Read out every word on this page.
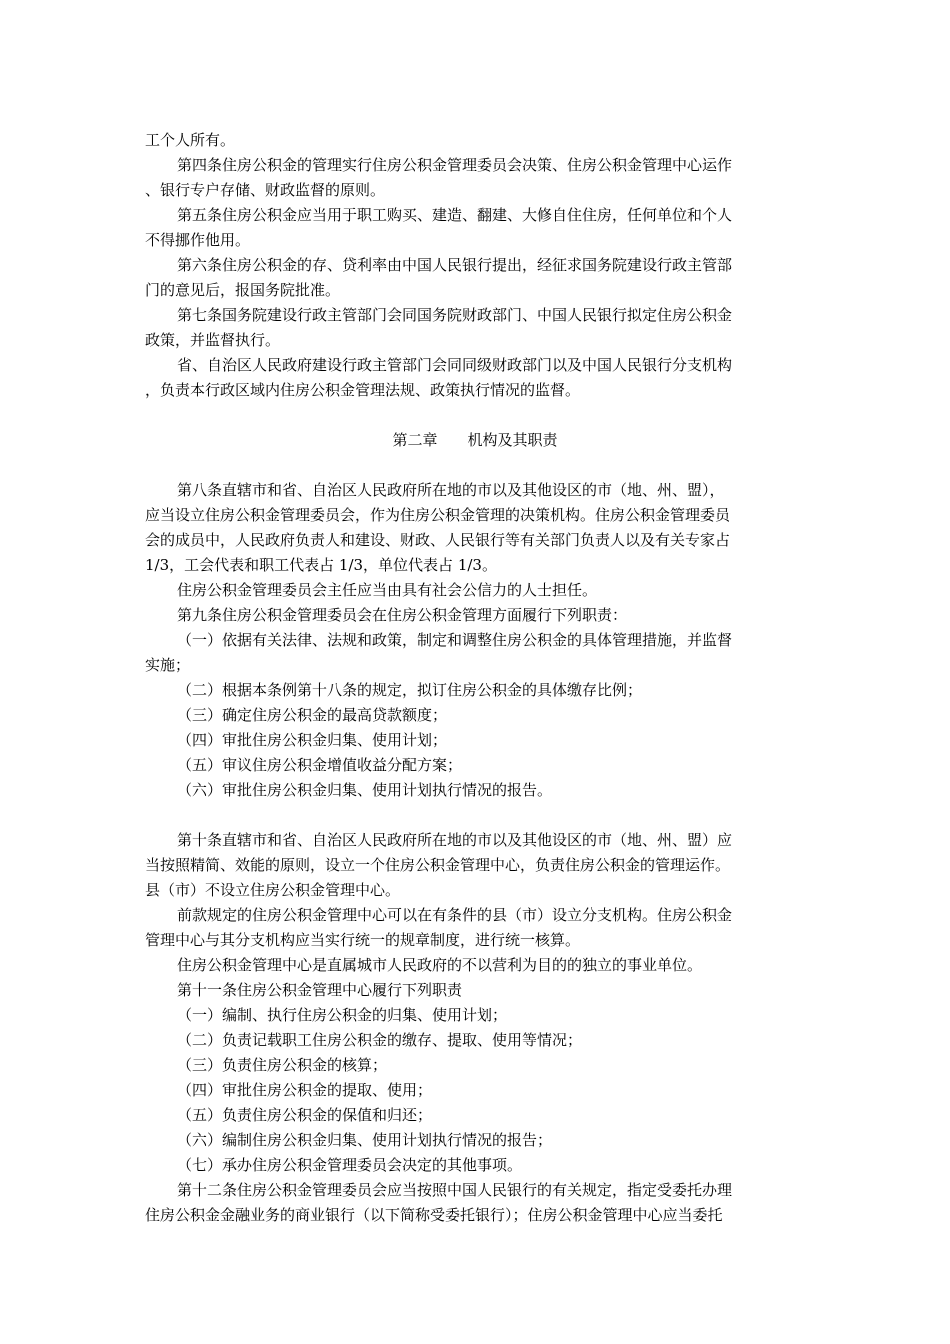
工个人所有。
第四条住房公积金的管理实行住房公积金管理委员会决策、住房公积金管理中心运作
、银行专户存储、财政监督的原则。
第五条住房公积金应当用于职工购买、建造、翻建、大修自住住房，任何单位和个人
不得挪作他用。
第六条住房公积金的存、贷利率由中国人民银行提出，经征求国务院建设行政主管部
门的意见后，报国务院批准。
第七条国务院建设行政主管部门会同国务院财政部门、中国人民银行拟定住房公积金
政策，并监督执行。
省、自治区人民政府建设行政主管部门会同同级财政部门以及中国人民银行分支机构
，负责本行政区域内住房公积金管理法规、政策执行情况的监督。
第二章 机构及其职责
第八条直辖市和省、自治区人民政府所在地的市以及其他设区的市（地、州、盟），
应当设立住房公积金管理委员会，作为住房公积金管理的决策机构。住房公积金管理委员
会的成员中，人民政府负责人和建设、财政、人民银行等有关部门负责人以及有关专家占
1/3，工会代表和职工代表占 1/3，单位代表占 1/3。
住房公积金管理委员会主任应当由具有社会公信力的人士担任。
第九条住房公积金管理委员会在住房公积金管理方面履行下列职责：
（一）依据有关法律、法规和政策，制定和调整住房公积金的具体管理措施，并监督
实施；
（二）根据本条例第十八条的规定，拟订住房公积金的具体缴存比例；
（三）确定住房公积金的最高贷款额度；
（四）审批住房公积金归集、使用计划；
（五）审议住房公积金增值收益分配方案；
（六）审批住房公积金归集、使用计划执行情况的报告。
第十条直辖市和省、自治区人民政府所在地的市以及其他设区的市（地、州、盟）应
当按照精简、效能的原则，设立一个住房公积金管理中心，负责住房公积金的管理运作。
县（市）不设立住房公积金管理中心。
前款规定的住房公积金管理中心可以在有条件的县（市）设立分支机构。住房公积金
管理中心与其分支机构应当实行统一的规章制度，进行统一核算。
住房公积金管理中心是直属城市人民政府的不以营利为目的的独立的事业单位。
第十一条住房公积金管理中心履行下列职责
（一）编制、执行住房公积金的归集、使用计划；
（二）负责记载职工住房公积金的缴存、提取、使用等情况；
（三）负责住房公积金的核算；
（四）审批住房公积金的提取、使用；
（五）负责住房公积金的保值和归还；
（六）编制住房公积金归集、使用计划执行情况的报告；
（七）承办住房公积金管理委员会决定的其他事项。
第十二条住房公积金管理委员会应当按照中国人民银行的有关规定，指定受委托办理
住房公积金金融业务的商业银行（以下简称受委托银行）；住房公积金管理中心应当委托
